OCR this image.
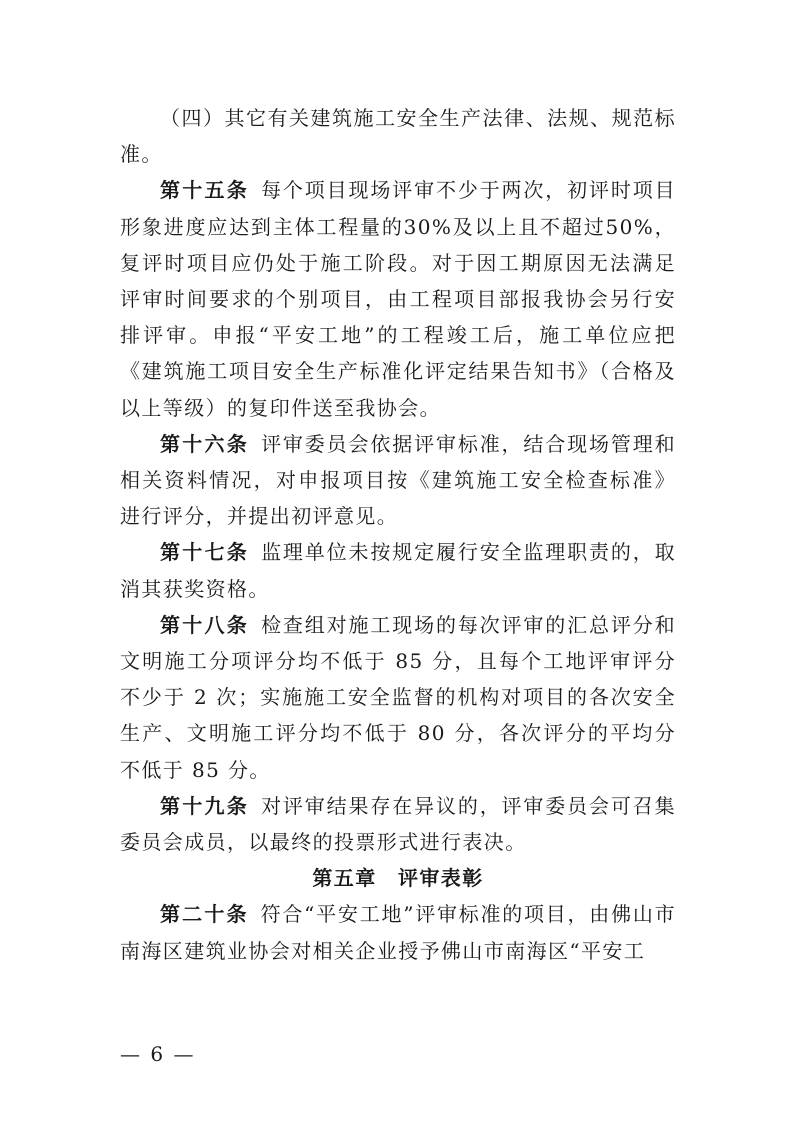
（四）其它有关建筑施工安全生产法律、法规、规范标准。

第十五条 每个项目现场评审不少于两次，初评时项目形象进度应达到主体工程量的30%及以上且不超过50%，复评时项目应仍处于施工阶段。对于因工期原因无法满足评审时间要求的个别项目，由工程项目部报我协会另行安排评审。申报“平安工地”的工程竣工后，施工单位应把《建筑施工项目安全生产标准化评定结果告知书》（合格及以上等级）的复印件送至我协会。

第十六条 评审委员会依据评审标准，结合现场管理和相关资料情况，对申报项目按《建筑施工安全检查标准》进行评分，并提出初评意见。

第十七条 监理单位未按规定履行安全监理职责的，取消其获奖资格。

第十八条 检查组对施工现场的每次评审的汇总评分和文明施工分项评分均不低于 85 分，且每个工地评审评分不少于 2 次；实施施工安全监督的机构对项目的各次安全生产、文明施工评分均不低于 80 分，各次评分的平均分不低于 85 分。

第十九条 对评审结果存在异议的，评审委员会可召集委员会成员，以最终的投票形式进行表决。

第五章　评审表彰

第二十条 符合“平安工地”评审标准的项目，由佛山市南海区建筑业协会对相关企业授予佛山市南海区“平安工

— 6 —
